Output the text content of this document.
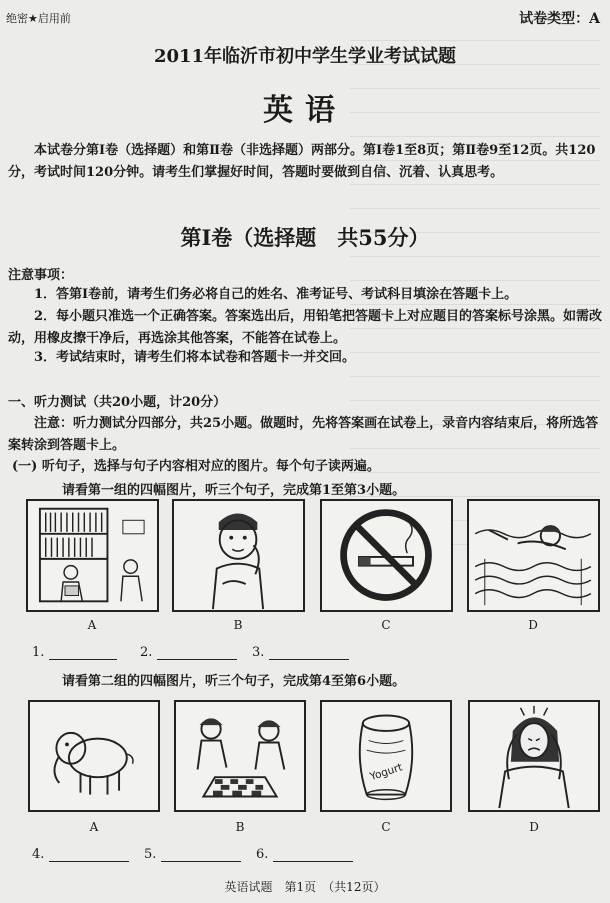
绝密★启用前	试卷类型：A
2011年临沂市初中学生学业考试试题
英语
本试卷分第Ⅰ卷（选择题）和第Ⅱ卷（非选择题）两部分。第Ⅰ卷1至8页；第Ⅱ卷9至12页。共120分，考试时间120分钟。请考生们掌握好时间，答题时要做到自信、沉着、认真思考。
第Ⅰ卷（选择题　共55分）
注意事项：
1．答第Ⅰ卷前，请考生们务必将自己的姓名、准考证号、考试科目填涂在答题卡上。
2．每小题只准选一个正确答案。答案选出后，用铅笔把答题卡上对应题目的答案标号涂黑。如需改动，用橡皮擦干净后，再选涂其他答案，不能答在试卷上。
3．考试结束时，请考生们将本试卷和答题卡一并交回。
一、听力测试（共20小题，计20分）
注意：听力测试分四部分，共25小题。做题时，先将答案画在试卷上，录音内容结束后，将所选答案转涂到答题卡上。
(一) 听句子，选择与句子内容相对应的图片。每个句子读两遍。
请看第一组的四幅图片，听三个句子，完成第1至第3小题。
A	B	C	D
1.	2.	3.
请看第二组的四幅图片，听三个句子，完成第4至第6小题。
Yogurt
A	B	C	D
4.	5.	6.
英语试题　第1页　（共12页）
